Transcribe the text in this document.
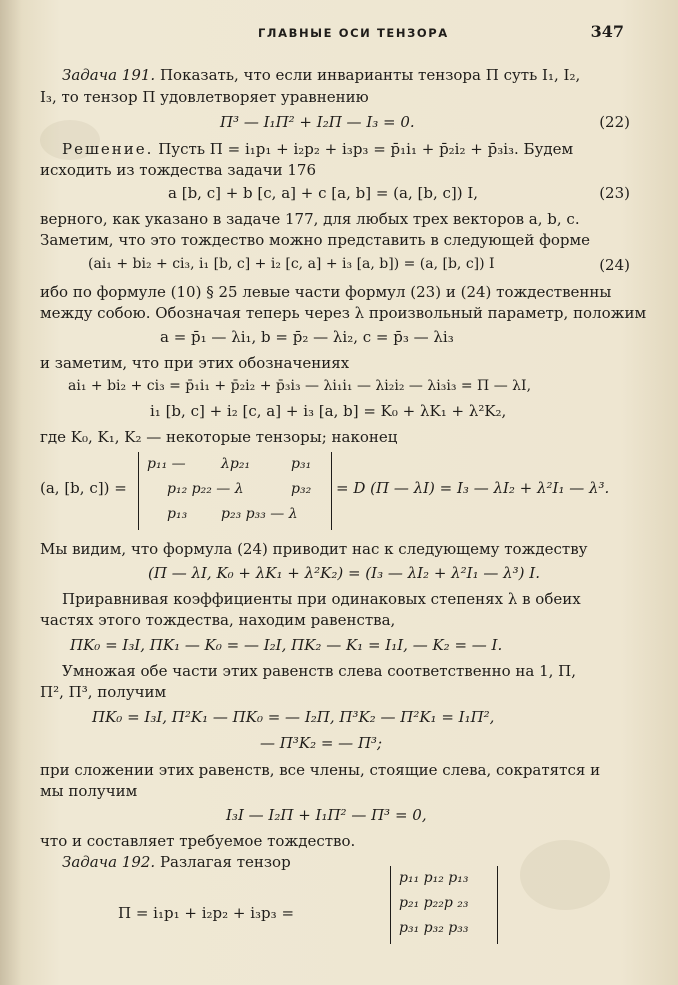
ГЛАВНЫЕ ОСИ ТЕНЗОРА	347
Задача 191. Показать, что если инварианты тензора П суть I₁, I₂,
I₃, то тензор П удовлетворяет уравнению
П³ — I₁П² + I₂П — I₃ = 0.	(22)
Решение. Пусть П = i₁p₁ + i₂p₂ + i₃p₃ = p̄₁i₁ + p̄₂i₂ + p̄₃i₃. Будем
исходить из тождества задачи 176
a [b, c] + b [c, a] + c [a, b] = (a, [b, c]) I,	(23)
верного, как указано в задаче 177, для любых трех векторов a, b, c.
Заметим, что это тождество можно представить в следующей форме
(ai₁ + bi₂ + ci₃, i₁ [b, c] + i₂ [c, a] + i₃ [a, b]) = (a, [b, c]) I	(24)
ибо по формуле (10) § 25 левые части формул (23) и (24) тождественны
между собою. Обозначая теперь через λ произвольный параметр, положим
a = p̄₁ — λi₁, b = p̄₂ — λi₂, c = p̄₃ — λi₃
и заметим, что при этих обозначениях
ai₁ + bi₂ + ci₃ = p̄₁i₁ + p̄₂i₂ + p̄₃i₃ — λi₁i₁ — λi₂i₂ — λi₃i₃ = П — λI,
i₁ [b, c] + i₂ [c, a] + i₃ [a, b] = K₀ + λK₁ + λ²K₂,
где K₀, K₁, K₂ — некоторые тензоры; наконец
(a, [b, c]) =
p₁₁ —	λp₂₁	p₃₁
p₁₂ p₂₂ — λ	p₃₂
p₁₃ p₂₃ p₃₃ — λ
= D (П — λI) = I₃ — λI₂ + λ²I₁ — λ³.
Мы видим, что формула (24) приводит нас к следующему тождеству
(П — λI, K₀ + λK₁ + λ²K₂) = (I₃ — λI₂ + λ²I₁ — λ³) I.
Приравнивая коэффициенты при одинаковых степенях λ в обеих
частях этого тождества, находим равенства,
ПK₀ = I₃I, ПK₁ — K₀ = — I₂I, ПK₂ — K₁ = I₁I, — K₂ = — I.
Умножая обе части этих равенств слева соответственно на 1, П,
П², П³, получим
ПK₀ = I₃I, П²K₁ — ПK₀ = — I₂П, П³K₂ — П²K₁ = I₁П²,
— П³K₂ = — П³;
при сложении этих равенств, все члены, стоящие слева, сократятся и
мы получим
I₃I — I₂П + I₁П² — П³ = 0,
что и составляет требуемое тождество.
Задача 192. Разлагая тензор
П = i₁p₁ + i₂p₂ + i₃p₃ =
p₁₁ p₁₂ p₁₃
p₂₁ p₂₂p ₂₃
p₃₁ p₃₂ p₃₃
